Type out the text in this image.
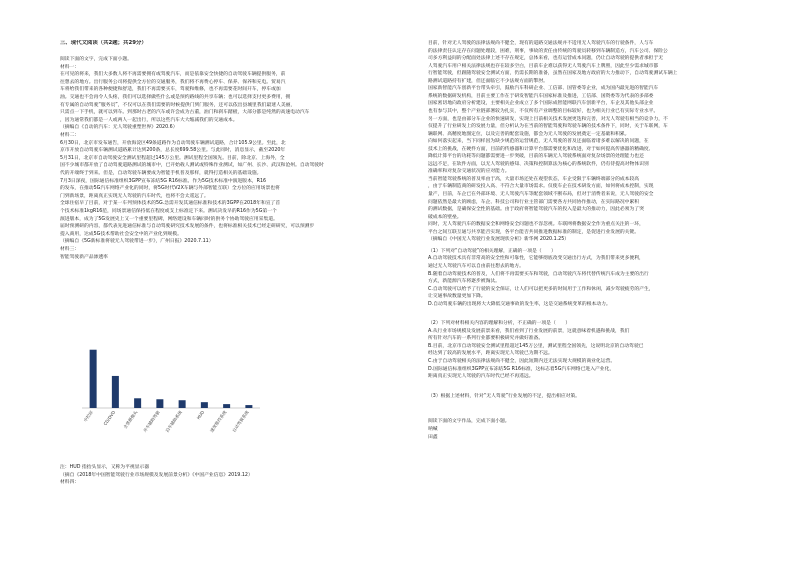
三、现代文阅读（共2题；共29分）
中控屏 CD/DVD 全景摄像头 并车辅助驾驶 泊车辅助系统	HUD 速度维持系统 自动驾驶系统
阅读下面的文字，完成下面小题。
材料一：
在可见的将来，我们大多数人将不再需要拥有或驾驶汽车，而是依靠安全快捷的自动驾驶车辆提供服务，前
往想去的地方。出行服务公司将提供全方位的交通服务，我们将不再费心停车、保养、保养和充电。贸易汽
车将给我们带来的各种便捷和舒适，我们不再需要买车，驾驶和维修，也不再需要花时间开车，停车或加
油。交通也不会再令人头疼，我们可以选择做些什么或是预约路线的共享车辆；也可以选择支付更多费用，拥
有专属的自动驾驶“服务员”，不仅可以在我们需要的时候提供门到门服务，还可以依出县城里我们最迷人美丽，
只需点一下手机，就可以到车。到那时古老的汽车或许会成为古董，油门和刹车踏板，大部分都是纯然的高速电动汽车
，因为通常我们都是一人或两人一起出行，所以这些汽车大大缩减我们的交通成本。
（摘编自《自动的汽车：无人驾驶重塑世界》2020.6）
材料二：
6月30日，北京市发布通告，开放海淀区49条道路作为自动驾驶车辆测试道路，合计105.9公里。至此，北
京市开放自动驾驶车辆测试道路累计达到200条，总长度699.58公里。与此同时，消息显示，截至2020年
5月31日，北京市自动驾驶安全测试里程超过145万公里。测试里程全国领先。目前，除北京、上海外，全
国不少城市都开放了自动驾驶道路测试的城市中，已开始载人测试或特殊作业测试，如广州、长沙、武汉和沧州。自动驾驶时
代的开端终于到来。但是，自动驾驶车辆要成为智能手机普及那样，就得打造相关的基础设施。
7月3日深夜，国际通信标准组织3GPP宣布冻结5G R16标准。作为5G技术标准中演进版本，R16
的发布，在推动5G汽车网络产业化的同时，将5G时代V2X车辆与外部智能互联）全方位的应用场景也将
门到新场景，距离真正实现无人驾驶的汽车时代，也将不会太遥远了。
全球住宿早了目前，对于某一车列预体技术的5G.急需开发其通信标准和技术的3GPP在2018年和宣了首
个技术标准1kgR16范，同场景通信保持低在程度或支上标准定下来。测试决发早的R16作为5G第一个
演进版本，成为了5G发展史上又一个重要里程碑，网络建设和车辆同时的供务个协助驾驶应用采集道。
届时预测研的内容，都代表先进通信标准与自动驾驶研究技术发展的条件，也将标准相关技术已经走研研究，可以预测步
提入商用，达成5G技术帮助社会安全中的产业化到规模。
（摘编自《5G新标准将驶无人驾驶带进一步》，广州日报》2020.7.11）
材料三：
智能驾驶新产品渗透率
注：HUD 指抬头显示，又称为平视显示器
（摘自《2018年中国智能驾驶行业市场规模及发展前景分析》《中国产业信息》2019.12）
材料四：
目前，针对无人驾驶的法律法规尚不健全，现有的道路交通法规并不适用无人驾驶汽车的行驶条件，人与车
的法律责任认定存在问题处理较，困难，刑事，事故的责任由传统的驾驶员转移到车辆制造方，汽车公司、保险公
司多方利益间的分配面处法律上述不存在规定，总体来看，也有运营成本问题，仍让自动驾驶的提供者承担于无
人驾驶汽车用户相关法律法规也存在较多空白，目前车企难以获得无人驾驶汽车上牌照，因此至少需求城市都
行智能驾驶，但跟随驾驶安全测试方面，仍需长期的准备，虽然在国家及地方政府的大力推动下，自动驾驶测试车辆上
路测试道路持有扩建，但还面临它不少法规方面的掣肘。
国家新智能汽车创新平台带头牵引，鼓励汽车科研企业、工信部、国管委等企业，成为国内最先进的智能汽车
系统的数据研发机构，目前主要工作在于研发智能汽车国家标准及推进，工信部、国资委等为代表的多部委
国家密切地向政府分析建设，主要相关企业成立了多个国际成智能网联汽车创新平台，车企及其他头部企业
也有参与其中，整个产业链部署较为扎实，不仅所有产业调整的目标较好，也为相关行业已有实际专业水平。
另一方面，也是由部分车企业的快速研发，实现上目前相关技术发展更迭和完善，对无人驾驶有相当的竞争力，不
仅提升了行业研发上的发展力量，但分析认为在当前的智能驾驶和驾驶车辆的技术条件下，同时，关于车联网，车
辆联网、高精度地图定位，以及完善的配套设施，都会为无人驾驶的发展奠定一定基础和积累。
向如何落实起来，当下同样因为缺少规范的运营规范，无人驾驶的普及还面临着诸多难以解决的问题，在
技术上的挑战，在硬件方面，目前的传感器和计算平台都需要优化和改进，对于如何提高传感器的精确度、
降低计算平台的功耗等问题都需要进一步突破，目前的车辆无人驾驶系统面对复杂场景的处理能力也还
远远不足，在软件方面，以无人驾驶的感知、决策和控制算法为核心的系统软件，仍有待提高对物体识别
准确率和对复杂交通状况的应对能力。
当前智能驾驶系统的普及率由于高，大量市场还处在观望状态，车企受限于车辆终端部分的成本较高
，由于车辆制造商的研发投入高、不符合大量市场需求。仅使车企在技术研发方面，如何将成本控制，实现
量产，目前，车企已在外部环境、无人驾驶汽车等配套领域不断布局，但对于消费者来说，无人驾驶的安全
问题依然是最大的顾虑，车企、科技公司和行业主管部门需要各方共同协作推动，在实际路况中累积
的测试数据，是确保安全性的基础。由于政府将智能驾驶汽车的投入是最大的推动力，因此必须为了突
破成本的壁垒。
同时，无人驾驶汽车的数据安全和网络安全问题也不容忽视。车联网将数据安全作为重点关注的一环，
平台之间互联互通与共享能否实现，各平台能否共同推进数据标准的制定，是促进行业发展的关键。
（摘编自《中国无人驾驶行业发展现状分析》新华网 2020.1.25）
（1）下列对“自动驾驶”的相关理解，正确的一项是（　　）
A.自动驾驶技术具有非常高的安全性和可靠性，它能够彻底改变交通出行方式，为我们带来更多便利，
通过无人驾驶汽车可以自由前往想去的地方。
B.随着自动驾驶技术的普及，人们将不再需要买车和驾驶，自动驾驶汽车将代替传统汽车成为主要的出行
方式，新能源汽车将逐步被淘汰。
C.自动驾驶可以给予了行驶的安全保证，让人们可以把更多的时间用于工作和休闲，减少驾驶疲劳的产生，
让交通事故数量更加下降。
D.自动驾驶车辆的出现将大大降低交通事故的发生率，这是交通系统变革的根本动力。
（2）下列对材料相关内容的理解和分析，不正确的一项是（　　）
A.从行业市场规模及发展前景来看，我们看到了行业发展的前景，这就意味着机遇和挑战，我们
所有针对汽车的一系列行业都要积极研究并做好准备。
B.目前，北京市自动驾驶安全测试里程超过145万公里，测试里程全国领先，这说明北京的自动驾驶已
经达到了较高的发展水平，距离实现无人驾驶已为期不远。
C.由于自动驾驶相关的法律法规尚不健全，因此短期内还无法实现大规模的商业化运营。
D.国际通信标准组织3GPP宣布冻结5G R16标准，这标志着5G汽车网络已进入产业化，
距离真正实现无人驾驶的汽车时代已经不再遥远。
（3）根据上述材料，针对“无人驾驶”行业发展的不足，提出相应对策。
阅读下面的文字作品，完成下面小题。
呐喊
田鑫
